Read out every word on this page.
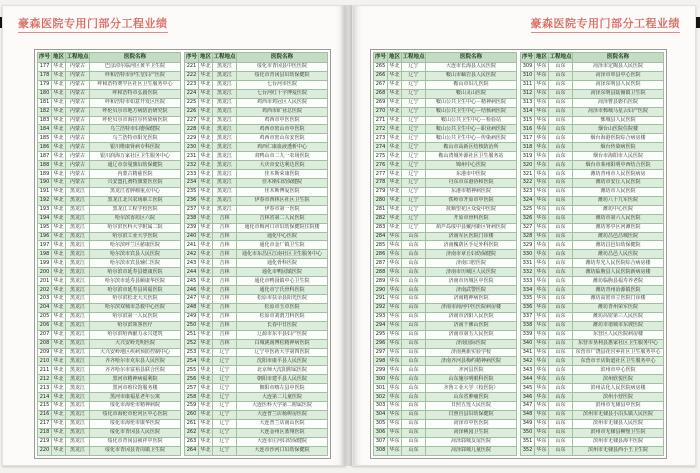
豪森医院专用门部分工程业绩
序号	地区	工程地点	医院名称
177	华北	内蒙古	巴彦淖尔临河区黄羊卫生院
178	华北	内蒙古	呼和浩特市伊生堂妇产医院
179	华北	内蒙古	呼和浩特赛罕区社区卫生服务中心
180	华北	内蒙古	呼和浩特市弘圆医院
181	华北	内蒙古	呼和浩特市如意开发区医院
182	华北	内蒙古	呼伦贝尔市地方病防治研究院
183	华北	内蒙古	呼伦贝尔市海拉尔传染病医院
184	华北	内蒙古	乌兰浩特市妇婴保健院
185	华北	内蒙古	乌兰浩特市阳光医院
186	华北	内蒙古	银川维康肾病专科医院
187	华北	内蒙古	银川润海万家社区卫生服务中心
188	华北	内蒙古	通辽市奈曼旗妇幼保健院
189	华北	内蒙古	内蒙古精慈医院
190	华北	内蒙古	兴安盟扎赉特旗蒙医医院
191	华北	黑龙江	黑龙江省肿瘤重点中心
192	华北	黑龙江	黑龙江北兴农场职工医院
193	华北	黑龙江	黑龙江工程学校医院
194	华北	黑龙江	哈尔滨香坊区六院
195	华北	黑龙江	哈尔滨医科大学附属二院
196	华北	黑龙江	哈尔滨工业大学医院
197	华北	黑龙江	哈尔滨呼兰区慈康医院
198	华北	黑龙江	哈尔滨市宾县人民医院
199	华北	黑龙江	哈尔滨市宾县辅仁医院
200	华北	黑龙江	哈尔滨市延寿县德康医院
201	华北	黑龙江	哈尔滨市延寿县颐康华医院
202	华北	黑龙江	哈尔滨市延寿县同福医院
203	华北	黑龙江	哈尔滨松北大夫医院
204	华北	黑龙江	哈尔滨双城市急救中心医院
205	华北	黑龙江	哈尔滨第一人民医院
206	华北	黑龙江	哈尔滨领客医疗
207	华北	黑龙江	哈尔滨哈西献力永兴建筑
208	华北	黑龙江	大兴安岭光明医院
209	华北	黑龙江	大兴安岭地区疾病预防控制中心
210	华北	黑龙江	齐齐哈尔市克东县人民医院
211	华北	黑龙江	齐齐哈尔市富裕县联合医院
212	华北	黑龙江	黑河市精神病福利院
213	华北	黑龙江	黑河市殡仪馆服务楼
214	华北	黑龙江	黑河市康福星老年公寓
215	华北	黑龙江	绥化市海伦市精神病院
216	华北	黑龙江	绥化市海伦市伦河区中心医院
217	华北	黑龙江	绥化市海伦市康华医院
218	华北	黑龙江	绥化市青冈县人民医院
219	华北	黑龙江	绥化市青冈县祯祥中医院
220	华北	黑龙江	绥化市青冈县青岗镇卫生院
序号	地区	工程地点	医院名称
221	华北	黑龙江	绥化市青冈县中医医院
222	华北	黑龙江	绥化市青冈县妇幼保健院
223	华北	黑龙江	七台河市医院
224	华北	黑龙江	七台河红十字博爱医院
225	华北	黑龙江	鸡西市鸡冠区人民医院
226	华北	黑龙江	鸡西市矿业总医院
227	华北	黑龙江	鸡西市中医医院
228	华北	黑龙江	鸡西市密山市中医院
229	华北	黑龙江	鸡西市密山东安医院
230	华北	黑龙江	鸡西仁康血液透析中心
231	华北	黑龙江	双鸭山市二九一农场医院
232	华北	黑龙江	大庆市安达利达医院
233	华北	黑龙江	佳木斯荣康医院
234	华北	黑龙江	佳木斯妇幼保健院
235	华北	黑龙江	佳木斯博爱医院
236	华北	黑龙江	伊春市西林区社区卫生院
237	华北	黑龙江	伊春市第一医院
238	华北	吉林	吉林省第二人民医院
239	华北	吉林	通化市梅河口市妇幼保健院住院楼
240	华北	吉林	通化中心医院
241	华北	吉林	通化市金厂镇卫生院
242	华北	吉林	通化市东昌区江南社区卫生服务中心
243	华北	吉林	通化骨科医院
244	华北	吉林	通化市鸭园镇医院
245	华北	吉林	通化市鸭园镇中心卫生院
246	华北	吉林	通化市宁氏骨科医院
247	华北	吉林	松原市扶余县阳光医院
248	华北	吉林	松原市玉卓医院
249	华北	吉林	松原市刘渭刀科医院
250	华北	吉林	长春中日医院
251	华北	吉林	辽源市东丰县妇产医院
252	华北	吉林	白城洮南博松精神病医院
253	华北	辽宁	辽宁中医药大学第四医院
254	华北	辽宁	沈阳市康平县人民医院
255	华北	辽宁	北京师大沈阳附属医院
256	华北	辽宁	朝阳市建平县人民医院
257	华北	辽宁	朝阳市喀左县中医院
258	华北	辽宁	大连第二儿童医院
259	华北	辽宁	大连医科大学第二附属医院
260	华北	辽宁	大连普兰店杨树房医院
261	华北	辽宁	大连普兰店南山医院
262	华北	辽宁	大连金州区蓝翔医院
263	华北	辽宁	大连市庄河妇幼保健院
264	华北	辽宁	大连市沙河口妇幼保健院
豪森医院专用门部分工程业绩
序号	地区	工程地点	医院名称
265	华北	辽宁	大连市长海县人民医院
266	华北	辽宁	鞍山市岫岩县人民医院
267	华北	辽宁	鞍山市妇儿医院
268	华北	辽宁	鞍山灵山医院
269	华北	辽宁	鞍山公共卫生中心－精神病医院
270	华北	辽宁	鞍山公共卫生中心－结核病医院
271	华北	辽宁	鞍山公共卫生中心－检验站
272	华北	辽宁	鞍山公共卫生中心－职业病医院
273	华北	辽宁	鞍山公共卫生中心－传染病医院
274	华北	辽宁	鞍山市高新区结核防治所
275	华北	辽宁	鞍山湾城外源社区卫生服务站
276	华北	辽宁	锦州中心医院
277	华北	辽宁	东港市中医院
278	华北	辽宁	丹东市东港协和医院
279	华北	辽宁	东港市精神病医院
280	华北	辽宁	铁岭市开原市中医院
281	华北	辽宁	抚顺望花区众爱中医院
282	华北	辽宁	开原市骨科医院
283	华北	辽宁	葫芦岛绥中县戴河新区肾病医院
284	华东	山东	济南军区医院门诊楼
285	华东	山东	济南槐荫区手足外科医院
286	华东	山东	济南市章丘妇幼保健院
287	华东	山东	济南口腔医院
288	华东	山东	济南市历城区人民医院
289	华东	山东	济南市历城区中医院
290	华东	山东	济南武警医院
291	华东	山东	济南精神病医院
292	华东	山东	济南市商河中医医院病房楼
293	华东	山东	济南市济阳人民医院
294	华东	山东	济南千佛山医院
295	华东	山东	济南市第五人民医院
296	华东	山东	济南国际医院
297	华东	山东	济南燕新实验学校
298	华东	山东	济南齐河县梅约精神病医院
299	华东	山东	齐河县医院
300	华东	山东	山东施尔明眼科医院
301	华东	山东	齐鲁工业大学（校医院）
302	华东	山东	山东省肿瘤医院
303	华东	山东	日照五莲人民医院
304	华东	山东	日照莒县妇幼保健院
305	华东	山东	菏泽市中医医院
306	华东	山东	菏泽桃园卫生院
307	华东	山东	菏泽郓城友谊医院
308	华东	山东	菏泽郓城儿童医院
序号	地区	工程地点	医院名称
309	华东	山东	菏泽市定陶县人民医院
310	华东	山东	菏泽市单县中心医院
311	华东	山东	菏泽东明县人民医院
312	华东	山东	菏泽东明县陆圈镇卫生院
313	华东	山东	菏泽曹县磐石医院
314	华东	山东	菏泽市鄄城马星云妇产医院
315	华东	山东	鄄城县人民医院
316	华东	山东	烟台山医院住院楼
317	华东	山东	烟台海港医院综合病房楼
318	华东	山东	烟台传染病医院
319	华东	山东	烟台市海阳市人民医院
320	华东	山东	烟台市莱州阳明中西结合医院
321	华东	山东	潍坊青州市人民医院病房
322	华东	山东	潍坊市安丘人民医院
323	华东	山东	潍坊市人民医院
324	华东	山东	潍坊八十九军医院
325	华东	山东	潍坊中心医院
326	华东	山东	潍坊市第六人民医院
327	华东	山东	潍坊寒亭区河滩医院
328	华东	山东	潍坊昌邑昌城医院
329	华东	山东	潍坊昌邑妇幼保健院
330	华东	山东	潍坊昌邑人民医院
331	华东	山东	潍坊寿光人民医院综合病房楼
332	华东	山东	潍坊临朐县人民医院新病房楼
333	华东	山东	潍坊临朐县福寿养老院
334	华东	山东	潍坊青州冶源镇医院
335	华东	山东	潍坊高密市立医院门诊楼
336	华东	山东	潍坊青州荣军医院
337	华东	山东	潍坊高密第三人民医院
338	华东	山东	潍坊市诸城市东坡医院
339	华东	山东	东营区人民医院病房楼
340	华东	山东	东营市垦利县惠家社区卫生服务中心
341	华东	山东	东营市广饶县花官乡社区卫生服务中心
342	华东	山东	东营市辛店街道社区卫生服务中心
343	华东	山东	滨州市中心医院
344	华东	山东	滨州欣悦医院
345	华东	山东	滨州沾化人民医院病房楼
346	华东	山东	滨州小营医院
347	华东	山东	滨州市无棣县中医院
348	华东	山东	滨州市无棣县小泊头镇人民医院
349	华东	山东	滨州市无棣县人民医院
350	华东	山东	滨州市无棣县柳堡卫生院
351	华东	山东	滨州市无棣县海丰医院
352	华东	山东	滨州市无棣县西小王卫生院
